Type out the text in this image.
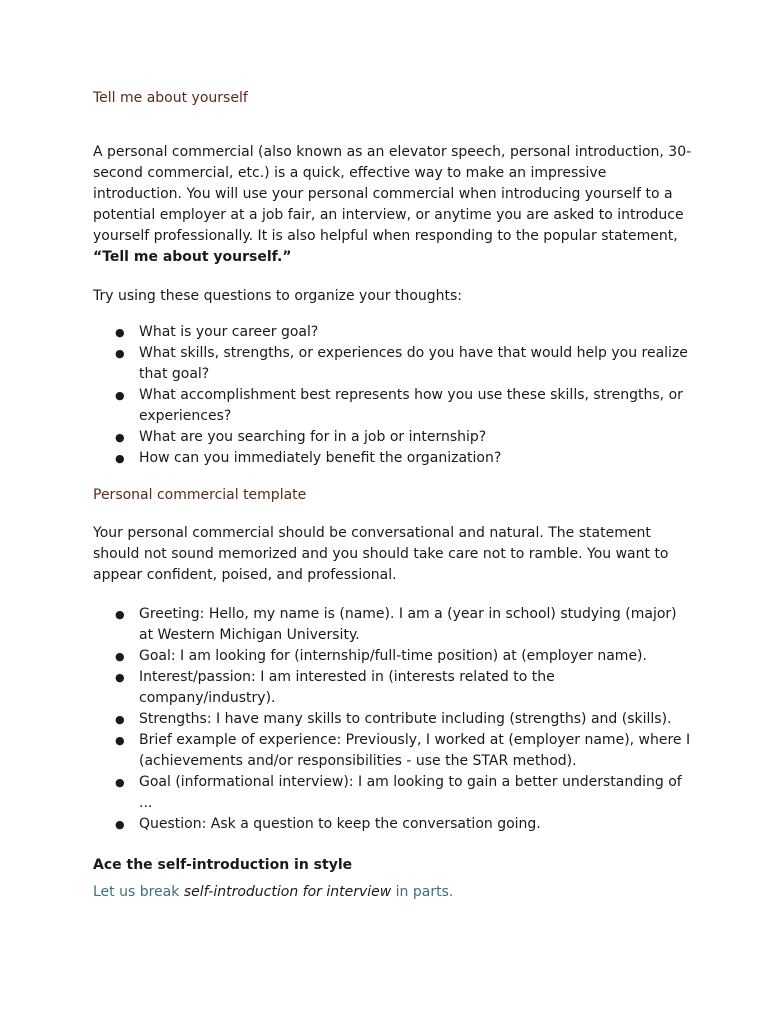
Tell me about yourself

A personal commercial (also known as an elevator speech, personal introduction, 30-second commercial, etc.) is a quick, effective way to make an impressive introduction. You will use your personal commercial when introducing yourself to a potential employer at a job fair, an interview, or anytime you are asked to introduce yourself professionally. It is also helpful when responding to the popular statement, “Tell me about yourself.”

Try using these questions to organize your thoughts:

● What is your career goal?
● What skills, strengths, or experiences do you have that would help you realize that goal?
● What accomplishment best represents how you use these skills, strengths, or experiences?
● What are you searching for in a job or internship?
● How can you immediately benefit the organization?

Personal commercial template

Your personal commercial should be conversational and natural. The statement should not sound memorized and you should take care not to ramble. You want to appear confident, poised, and professional.

● Greeting: Hello, my name is (name). I am a (year in school) studying (major) at Western Michigan University.
● Goal: I am looking for (internship/full-time position) at (employer name).
● Interest/passion: I am interested in (interests related to the company/industry).
● Strengths: I have many skills to contribute including (strengths) and (skills).
● Brief example of experience: Previously, I worked at (employer name), where I (achievements and/or responsibilities - use the STAR method).
● Goal (informational interview): I am looking to gain a better understanding of ...
● Question: Ask a question to keep the conversation going.

Ace the self-introduction in style

Let us break self-introduction for interview in parts.
